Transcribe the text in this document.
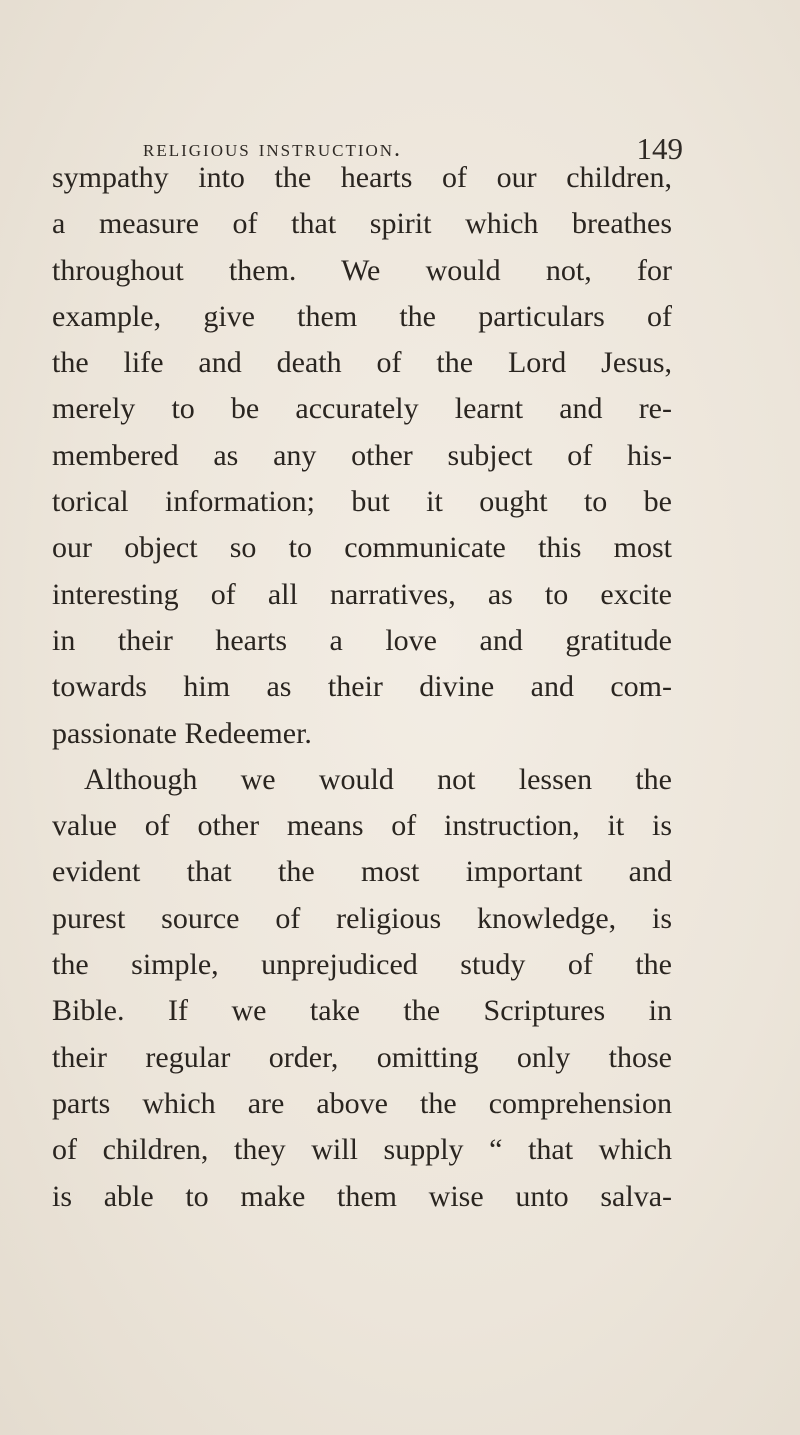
religious instruction.	149
sympathy into the hearts of our children,
a measure of that spirit which breathes
throughout them. We would not, for
example, give them the particulars of
the life and death of the Lord Jesus,
merely to be accurately learnt and re-
membered as any other subject of his-
torical information; but it ought to be
our object so to communicate this most
interesting of all narratives, as to excite
in their hearts a love and gratitude
towards him as their divine and com-
passionate Redeemer.
Although we would not lessen the
value of other means of instruction, it is
evident that the most important and
purest source of religious knowledge, is
the simple, unprejudiced study of the
Bible. If we take the Scriptures in
their regular order, omitting only those
parts which are above the comprehension
of children, they will supply “ that which
is able to make them wise unto salva-
